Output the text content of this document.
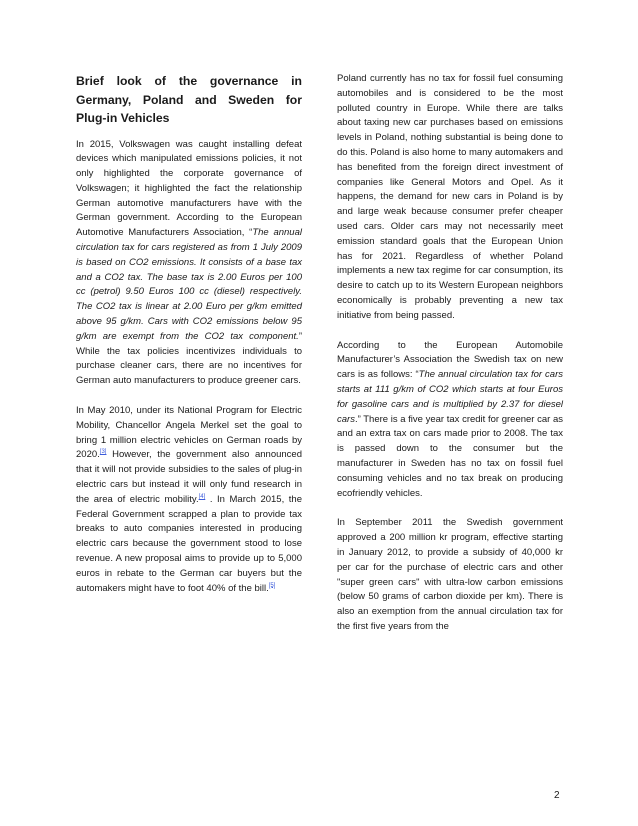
Brief look of the governance in Germany, Poland and Sweden for Plug-in Vehicles

In 2015, Volkswagen was caught installing defeat devices which manipulated emissions policies, it not only highlighted the corporate governance of Volkswagen; it highlighted the fact the relationship German automotive manufacturers have with the German government. According to the European Automotive Manufacturers Association, “The annual circulation tax for cars registered as from 1 July 2009 is based on CO2 emissions. It consists of a base tax and a CO2 tax. The base tax is 2.00 Euros per 100 cc (petrol) 9.50 Euros 100 cc (diesel) respectively. The CO2 tax is linear at 2.00 Euro per g/km emitted above 95 g/km. Cars with CO2 emissions below 95 g/km are exempt from the CO2 tax component.” While the tax policies incentivizes individuals to purchase cleaner cars, there are no incentives for German auto manufacturers to produce greener cars.

In May 2010, under its National Program for Electric Mobility, Chancellor Angela Merkel set the goal to bring 1 million electric vehicles on German roads by 2020.[3] However, the government also announced that it will not provide subsidies to the sales of plug-in electric cars but instead it will only fund research in the area of electric mobility.[4] . In March 2015, the Federal Government scrapped a plan to provide tax breaks to auto companies interested in producing electric cars because the government stood to lose revenue. A new proposal aims to provide up to 5,000 euros in rebate to the German car buyers but the automakers might have to foot 40% of the bill.[5]

Poland currently has no tax for fossil fuel consuming automobiles and is considered to be the most polluted country in Europe. While there are talks about taxing new car purchases based on emissions levels in Poland, nothing substantial is being done to do this. Poland is also home to many automakers and has benefited from the foreign direct investment of companies like General Motors and Opel. As it happens, the demand for new cars in Poland is by and large weak because consumer prefer cheaper used cars. Older cars may not necessarily meet emission standard goals that the European Union has for 2021. Regardless of whether Poland implements a new tax regime for car consumption, its desire to catch up to its Western European neighbors economically is probably preventing a new tax initiative from being passed.

According to the European Automobile Manufacturer’s Association the Swedish tax on new cars is as follows: “The annual circulation tax for cars starts at 111 g/km of CO2 which starts at four Euros for gasoline cars and is multiplied by 2.37 for diesel cars.” There is a five year tax credit for greener car as and an extra tax on cars made prior to 2008. The tax is passed down to the consumer but the manufacturer in Sweden has no tax on fossil fuel consuming vehicles and no tax break on producing ecofriendly vehicles.

In September 2011 the Swedish government approved a 200 million kr program, effective starting in January 2012, to provide a subsidy of 40,000 kr per car for the purchase of electric cars and other "super green cars" with ultra-low carbon emissions (below 50 grams of carbon dioxide per km). There is also an exemption from the annual circulation tax for the first five years from the

2
